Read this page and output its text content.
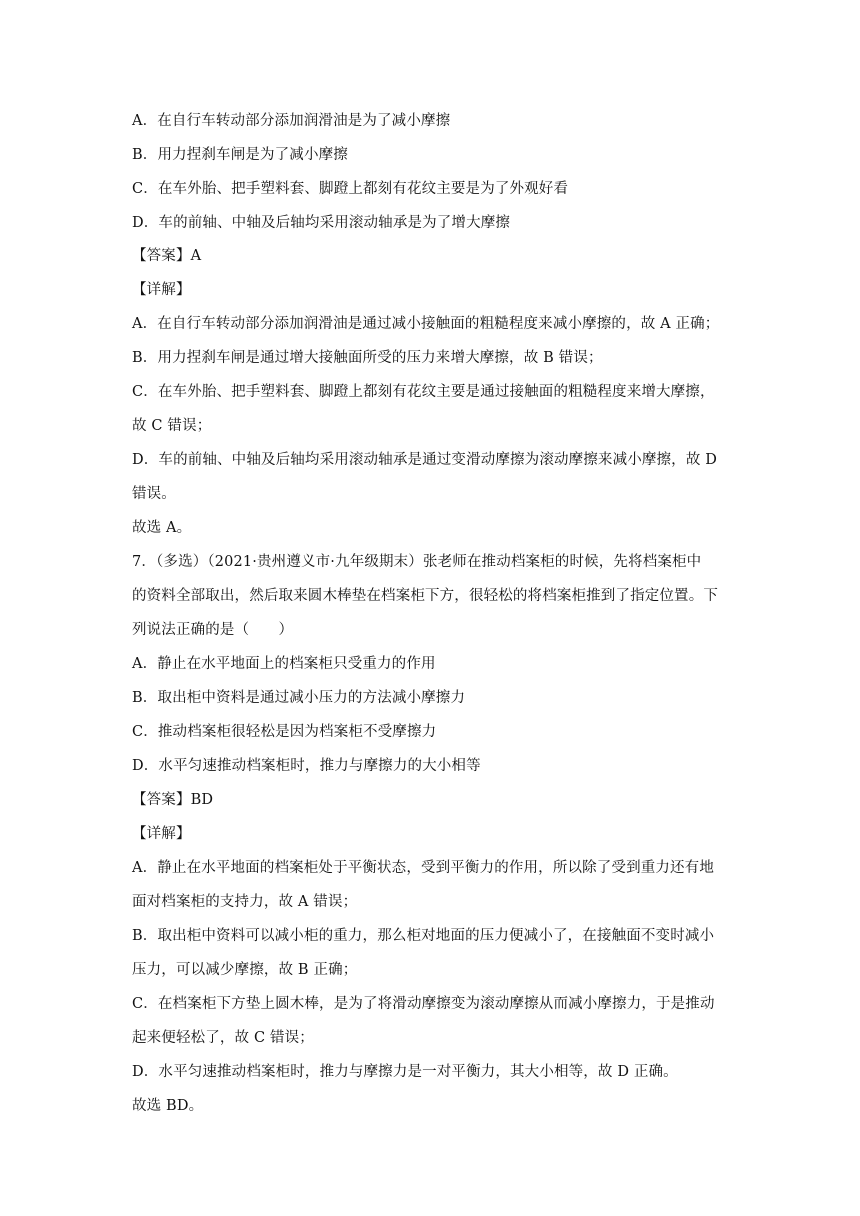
A．在自行车转动部分添加润滑油是为了减小摩擦
B．用力捏刹车闸是为了减小摩擦
C．在车外胎、把手塑料套、脚蹬上都刻有花纹主要是为了外观好看
D．车的前轴、中轴及后轴均采用滚动轴承是为了增大摩擦
【答案】A
【详解】
A．在自行车转动部分添加润滑油是通过减小接触面的粗糙程度来减小摩擦的，故 A 正确；
B．用力捏刹车闸是通过增大接触面所受的压力来增大摩擦，故 B 错误；
C．在车外胎、把手塑料套、脚蹬上都刻有花纹主要是通过接触面的粗糙程度来增大摩擦，
故 C 错误；
D．车的前轴、中轴及后轴均采用滚动轴承是通过变滑动摩擦为滚动摩擦来减小摩擦，故 D
错误。
故选 A。
7．（多选）（2021·贵州遵义市·九年级期末）张老师在推动档案柜的时候，先将档案柜中
的资料全部取出，然后取来圆木棒垫在档案柜下方，很轻松的将档案柜推到了指定位置。下
列说法正确的是（　　）
A．静止在水平地面上的档案柜只受重力的作用
B．取出柜中资料是通过减小压力的方法减小摩擦力
C．推动档案柜很轻松是因为档案柜不受摩擦力
D．水平匀速推动档案柜时，推力与摩擦力的大小相等
【答案】BD
【详解】
A．静止在水平地面的档案柜处于平衡状态，受到平衡力的作用，所以除了受到重力还有地
面对档案柜的支持力，故 A 错误；
B．取出柜中资料可以减小柜的重力，那么柜对地面的压力便减小了，在接触面不变时减小
压力，可以减少摩擦，故 B 正确；
C．在档案柜下方垫上圆木棒，是为了将滑动摩擦变为滚动摩擦从而减小摩擦力，于是推动
起来便轻松了，故 C 错误；
D．水平匀速推动档案柜时，推力与摩擦力是一对平衡力，其大小相等，故 D 正确。
故选 BD。
